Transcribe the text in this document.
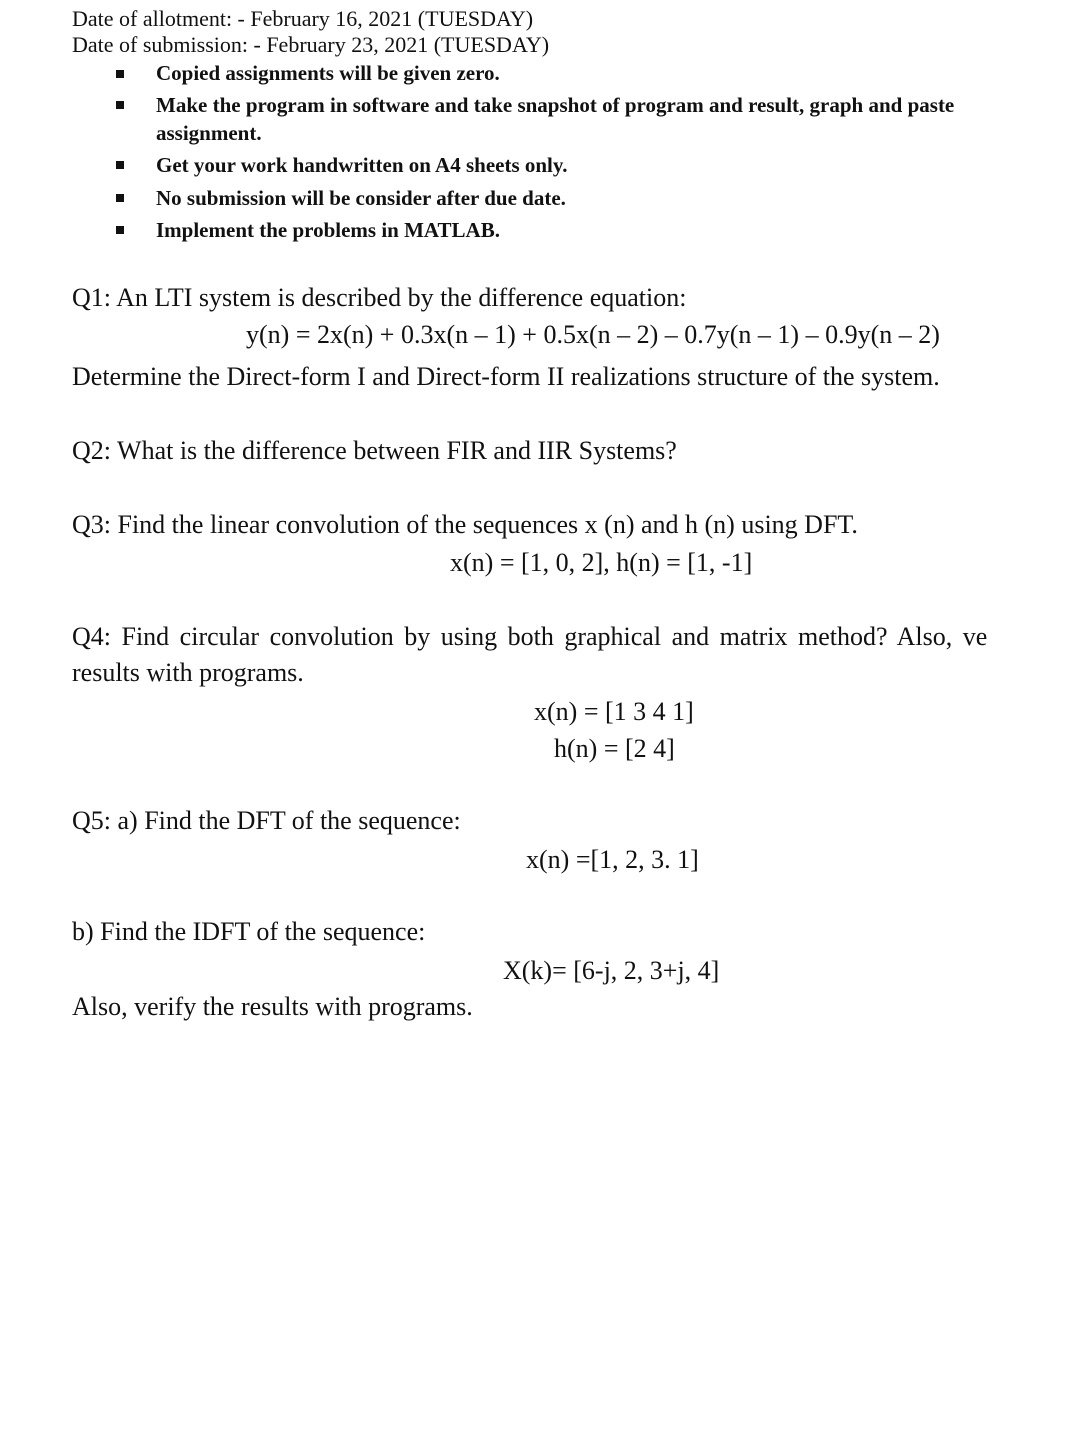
Date of allotment: - February 16, 2021 (TUESDAY)
Date of submission: - February 23, 2021 (TUESDAY)
Copied assignments will be given zero.
Make the program in software and take snapshot of program and result, graph and paste
assignment.
Get your work handwritten on A4 sheets only.
No submission will be consider after due date.
Implement the problems in MATLAB.
Q1: An LTI system is described by the difference equation:
y(n) = 2x(n) + 0.3x(n – 1) + 0.5x(n – 2) – 0.7y(n – 1) – 0.9y(n – 2)
Determine the Direct-form I and Direct-form II realizations structure of the system.
Q2: What is the difference between FIR and IIR Systems?
Q3: Find the linear convolution of the sequences x (n) and h (n) using DFT.
x(n) = [1, 0, 2], h(n) = [1, -1]
Q4: Find circular convolution by using both graphical and matrix method? Also, ve
results with programs.
x(n) = [1 3 4 1]
h(n) = [2 4]
Q5: a) Find the DFT of the sequence:
x(n) =[1, 2, 3. 1]
b) Find the IDFT of the sequence:
X(k)= [6-j, 2, 3+j, 4]
Also, verify the results with programs.
